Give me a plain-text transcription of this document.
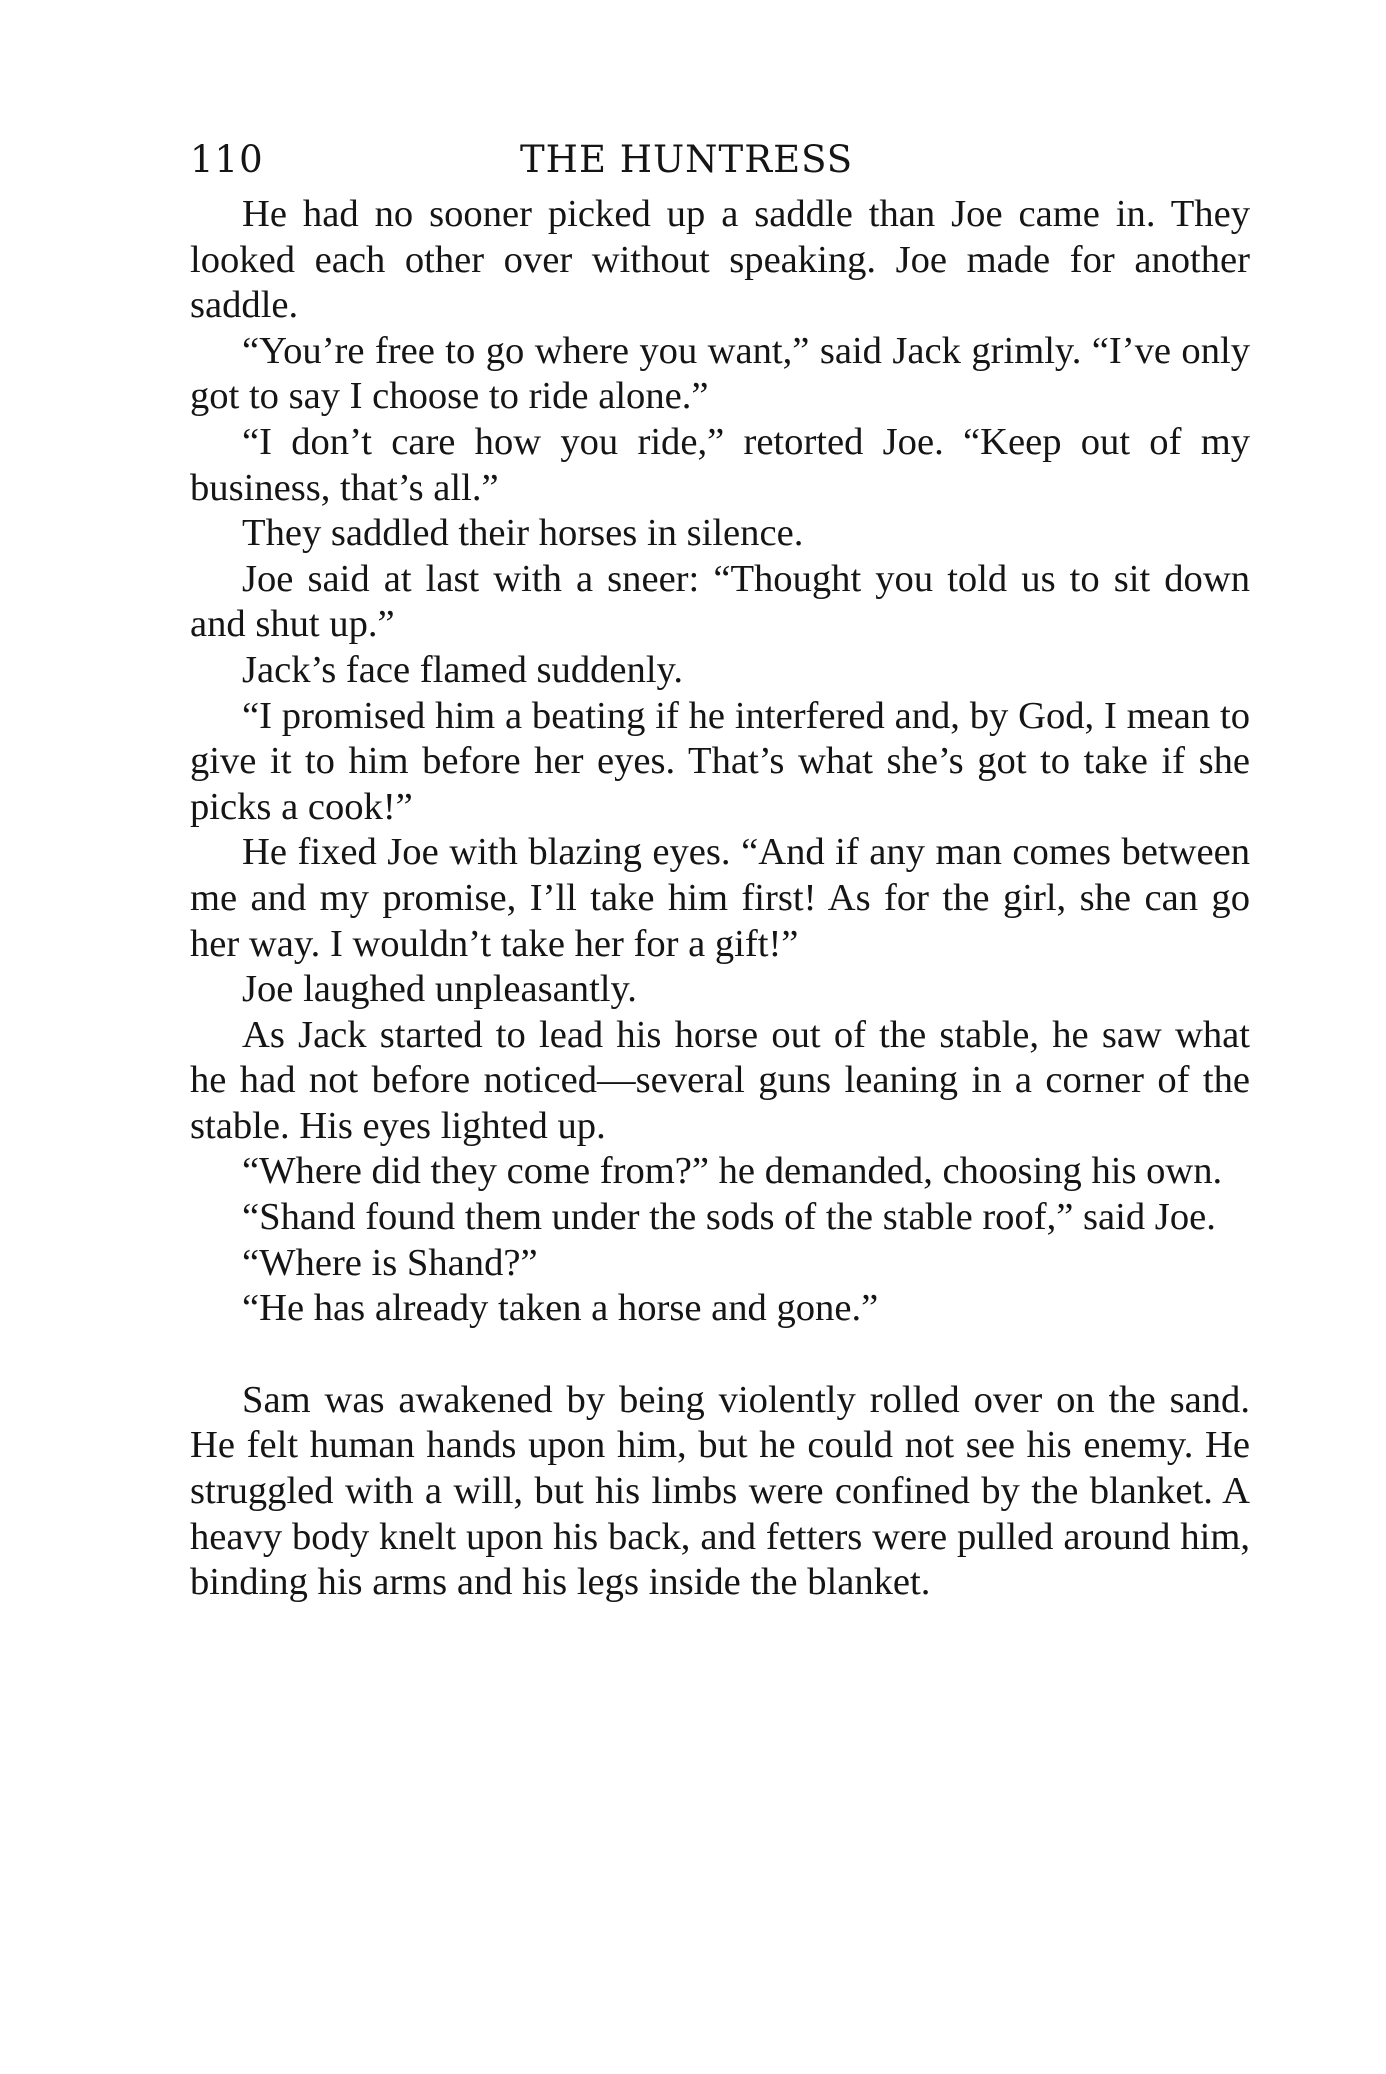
110	THE HUNTRESS

He had no sooner picked up a saddle than Joe came in. They looked each other over without speaking. Joe made for another saddle.

“You’re free to go where you want,” said Jack grimly. “I’ve only got to say I choose to ride alone.”

“I don’t care how you ride,” retorted Joe. “Keep out of my business, that’s all.”

They saddled their horses in silence.

Joe said at last with a sneer: “Thought you told us to sit down and shut up.”

Jack’s face flamed suddenly.

“I promised him a beating if he interfered and, by God, I mean to give it to him before her eyes. That’s what she’s got to take if she picks a cook!”

He fixed Joe with blazing eyes. “And if any man comes between me and my promise, I’ll take him first! As for the girl, she can go her way. I wouldn’t take her for a gift!”

Joe laughed unpleasantly.

As Jack started to lead his horse out of the stable, he saw what he had not before noticed—several guns leaning in a corner of the stable. His eyes lighted up.

“Where did they come from?” he demanded, choosing his own.

“Shand found them under the sods of the stable roof,” said Joe.

“Where is Shand?”

“He has already taken a horse and gone.”

Sam was awakened by being violently rolled over on the sand. He felt human hands upon him, but he could not see his enemy. He struggled with a will, but his limbs were confined by the blanket. A heavy body knelt upon his back, and fetters were pulled around him, binding his arms and his legs inside the blanket.
